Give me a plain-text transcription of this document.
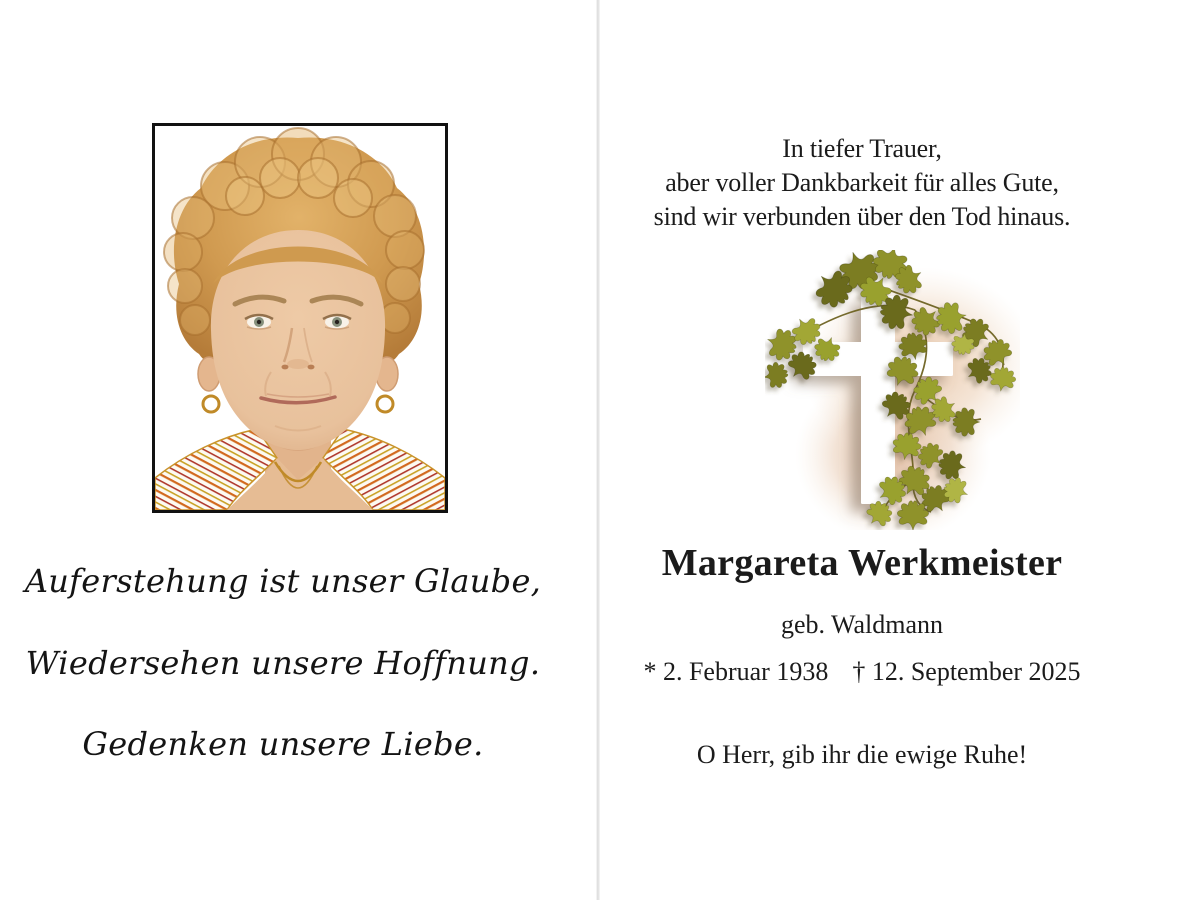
Auferstehung ist unser Glaube,

Wiedersehen unsere Hoffnung.

Gedenken unsere Liebe.

In tiefer Trauer,

aber voller Dankbarkeit für alles Gute,

sind wir verbunden über den Tod hinaus.

Margareta Werkmeister

geb. Waldmann

* 2. Februar 1938 † 12. September 2025

O Herr, gib ihr die ewige Ruhe!
